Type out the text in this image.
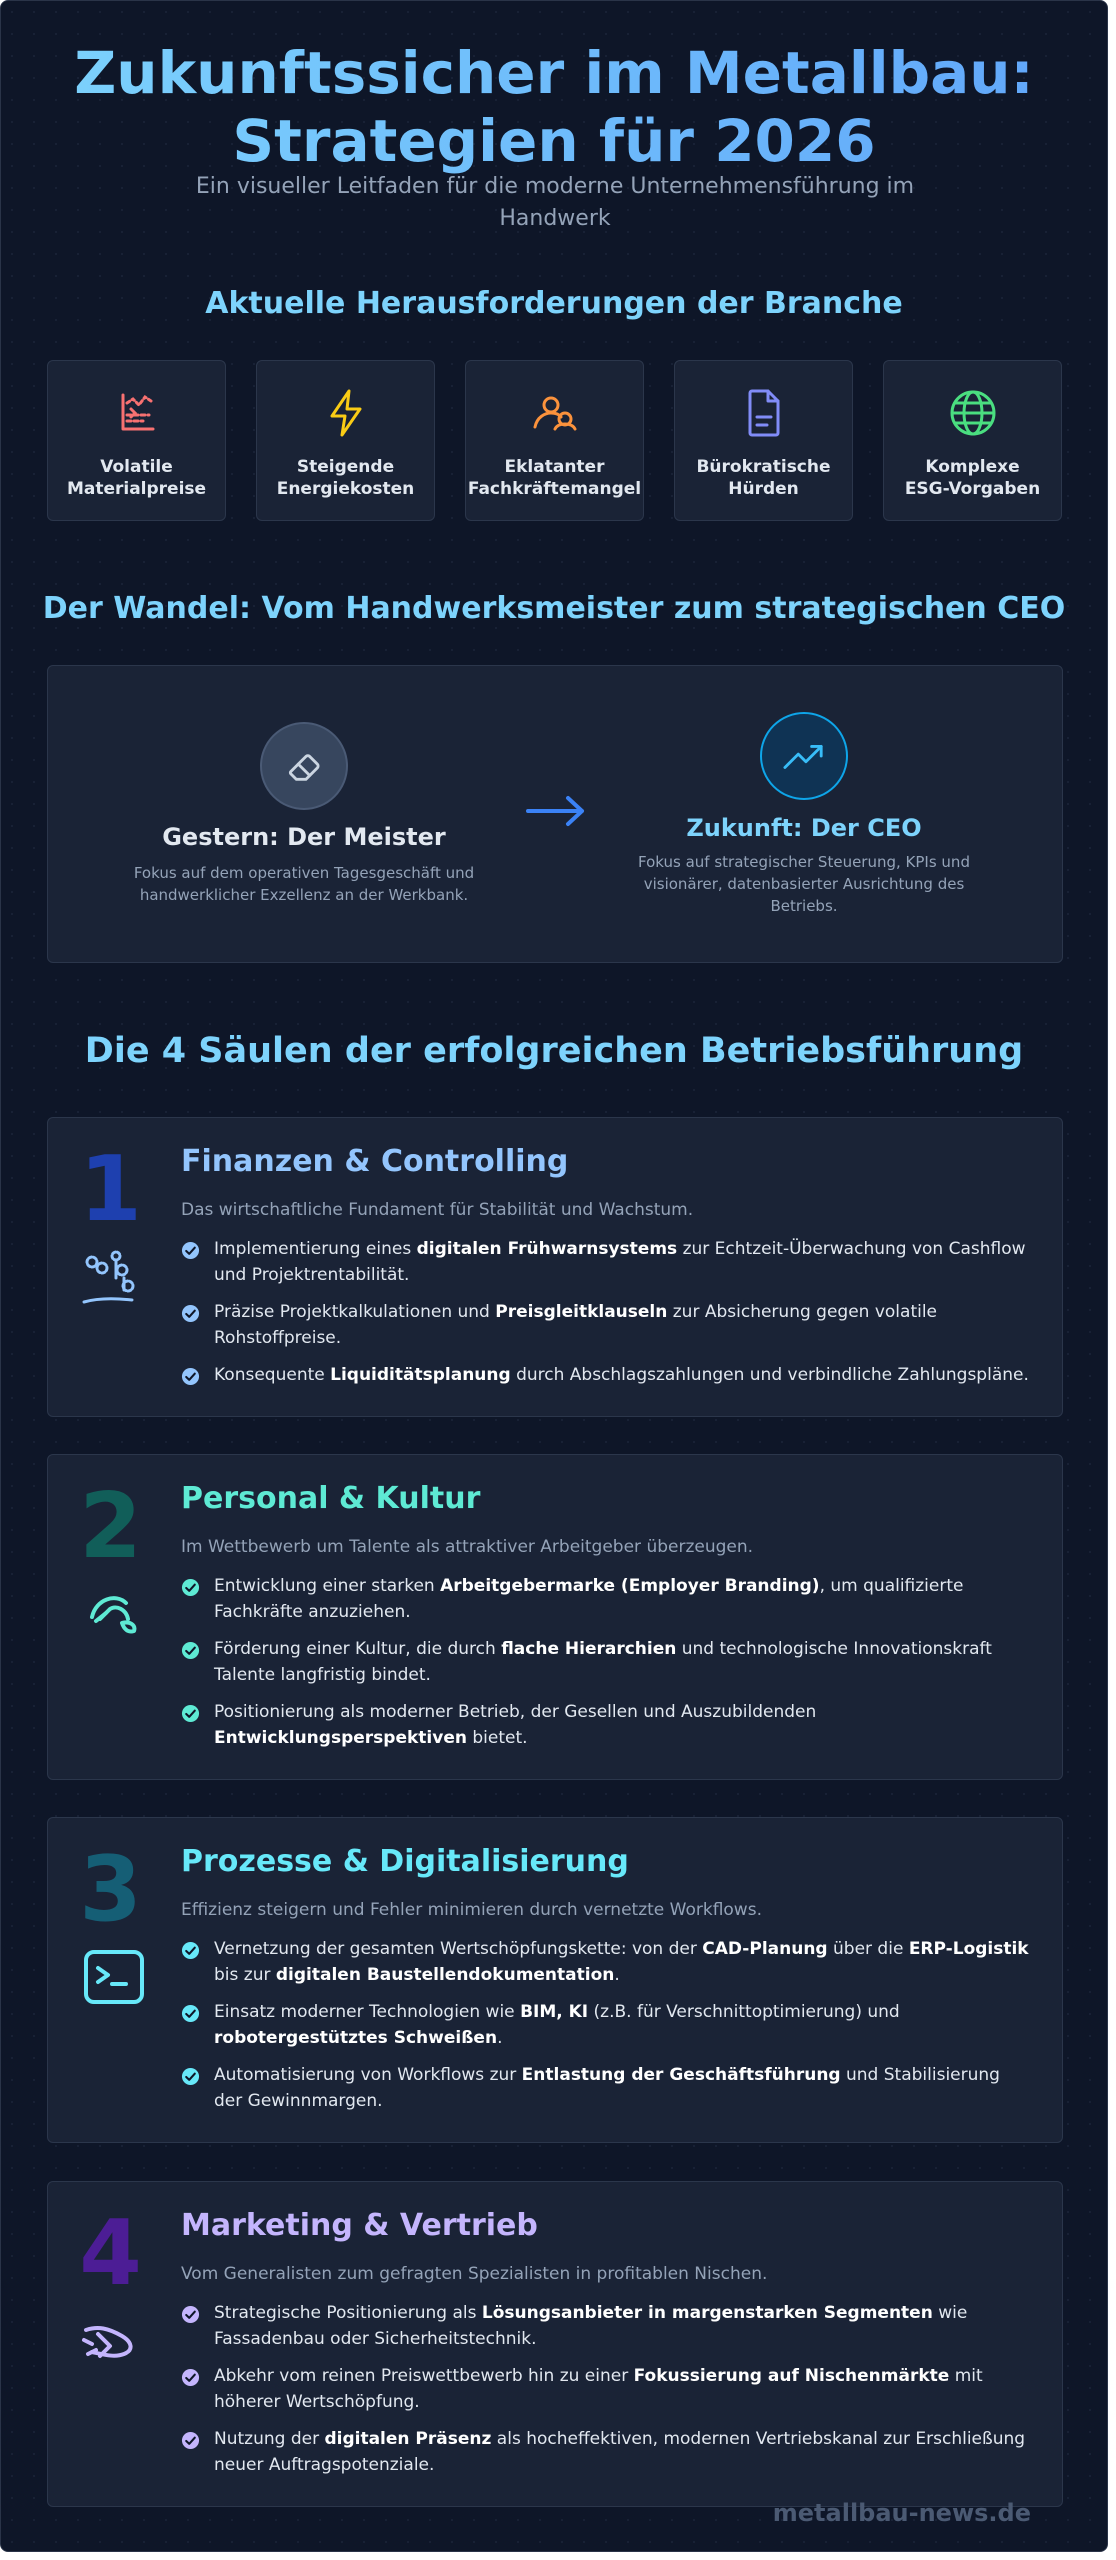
Zukunftssicher im Metallbau:
Strategien für 2026

Ein visueller Leitfaden für die moderne Unternehmensführung im Handwerk

Aktuelle Herausforderungen der Branche
Volatile
Materialpreise
Steigende
Energiekosten
Eklatanter
Fachkräftemangel
Bürokratische
Hürden
Komplexe
ESG-Vorgaben
Der Wandel: Vom Handwerksmeister zum strategischen CEO
Gestern: Der Meister
Fokus auf dem operativen Tagesgeschäft und handwerklicher Exzellenz an der Werkbank.
Zukunft: Der CEO
Fokus auf strategischer Steuerung, KPIs und visionärer, datenbasierter Ausrichtung des Betriebs.
Die 4 Säulen der erfolgreichen Betriebsführung
1 Finanzen & Controlling

Das wirtschaftliche Fundament für Stabilität und Wachstum.

Implementierung eines digitalen Frühwarnsystems zur Echtzeit-Überwachung von Cashflow und Projektrentabilität.
Präzise Projektkalkulationen und Preisgleitklauseln zur Absicherung gegen volatile Rohstoffpreise.
Konsequente Liquiditätsplanung durch Abschlagszahlungen und verbindliche Zahlungspläne.
2 Personal & Kultur

Im Wettbewerb um Talente als attraktiver Arbeitgeber überzeugen.

Entwicklung einer starken Arbeitgebermarke (Employer Branding), um qualifizierte Fachkräfte anzuziehen.
Förderung einer Kultur, die durch flache Hierarchien und technologische Innovationskraft Talente langfristig bindet.
Positionierung als moderner Betrieb, der Gesellen und Auszubildenden Entwicklungsperspektiven bietet.
3 Prozesse & Digitalisierung

Effizienz steigern und Fehler minimieren durch vernetzte Workflows.

Vernetzung der gesamten Wertschöpfungskette: von der CAD-Planung über die ERP-Logistik bis zur digitalen Baustellendokumentation.
Einsatz moderner Technologien wie BIM, KI (z.B. für Verschnittoptimierung) und robotergestütztes Schweißen.
Automatisierung von Workflows zur Entlastung der Geschäftsführung und Stabilisierung der Gewinnmargen.
4 Marketing & Vertrieb

Vom Generalisten zum gefragten Spezialisten in profitablen Nischen.

Strategische Positionierung als Lösungsanbieter in margenstarken Segmenten wie Fassadenbau oder Sicherheitstechnik.
Abkehr vom reinen Preiswettbewerb hin zu einer Fokussierung auf Nischenmärkte mit höherer Wertschöpfung.
Nutzung der digitalen Präsenz als hocheffektiven, modernen Vertriebskanal zur Erschließung neuer Auftragspotenziale.
metallbau-news.de
